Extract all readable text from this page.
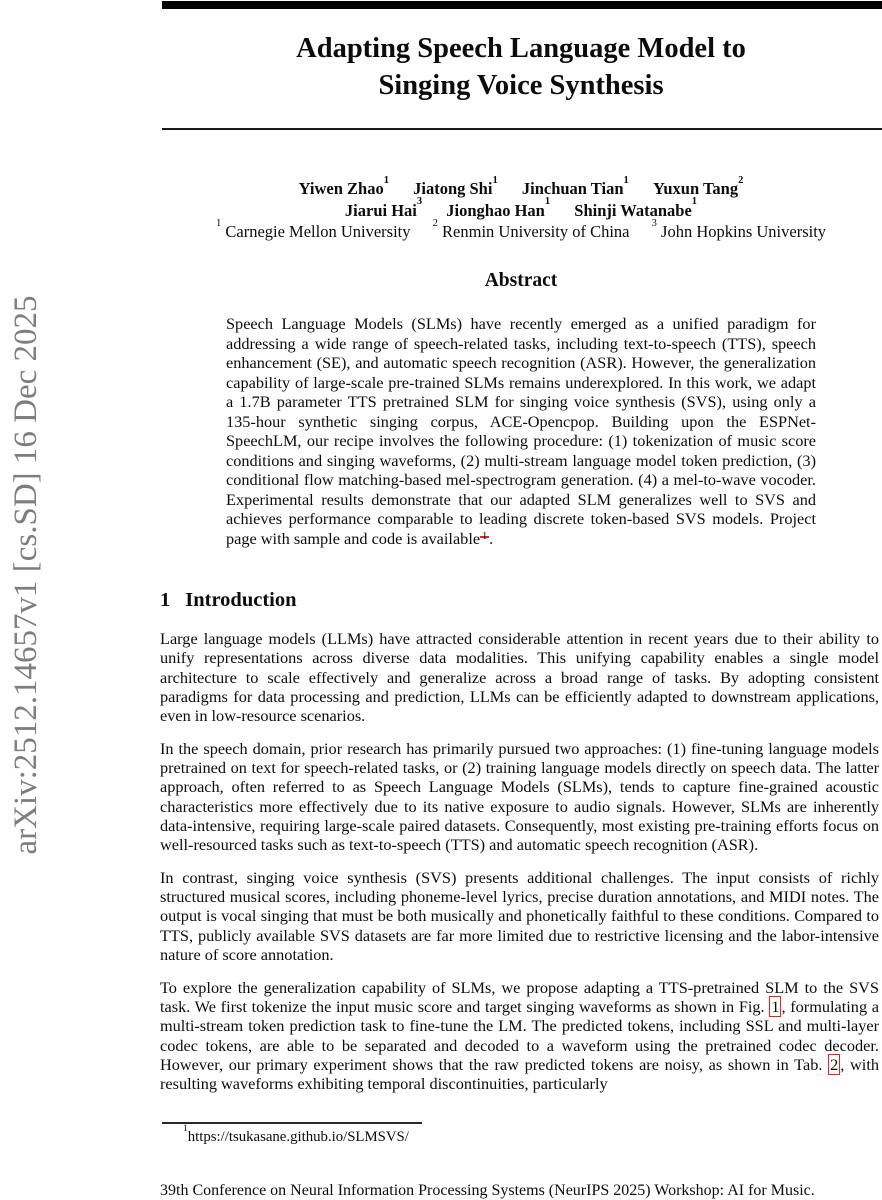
Adapting Speech Language Model to
Singing Voice Synthesis
Yiwen Zhao$^1$ Jiatong Shi$^1$ Jinchuan Tian$^1$ Yuxun Tang$^2$
Jiarui Hai$^3$ Jionghao Han$^1$ Shinji Watanabe$^1$
$^1$ Carnegie Mellon University $^2$ Renmin University of China $^3$ John Hopkins University
Abstract
Speech Language Models (SLMs) have recently emerged as a unified paradigm for addressing a wide range of speech-related tasks, including text-to-speech (TTS), speech enhancement (SE), and automatic speech recognition (ASR). However, the generalization capability of large-scale pre-trained SLMs remains underexplored. In this work, we adapt a 1.7B parameter TTS pretrained SLM for singing voice synthesis (SVS), using only a 135-hour synthetic singing corpus, ACE-Opencpop. Building upon the ESPNet-SpeechLM, our recipe involves the following procedure: (1) tokenization of music score conditions and singing waveforms, (2) multi-stream language model token prediction, (3) conditional flow matching-based mel-spectrogram generation. (4) a mel-to-wave vocoder. Experimental results demonstrate that our adapted SLM generalizes well to SVS and achieves performance comparable to leading discrete token-based SVS models. Project page with sample and code is available 1 .
1 Introduction

Large language models (LLMs) have attracted considerable attention in recent years due to their ability to unify representations across diverse data modalities. This unifying capability enables a single model architecture to scale effectively and generalize across a broad range of tasks. By adopting consistent paradigms for data processing and prediction, LLMs can be efficiently adapted to downstream applications, even in low-resource scenarios.

In the speech domain, prior research has primarily pursued two approaches: (1) fine-tuning language models pretrained on text for speech-related tasks, or (2) training language models directly on speech data. The latter approach, often referred to as Speech Language Models (SLMs), tends to capture fine-grained acoustic characteristics more effectively due to its native exposure to audio signals. However, SLMs are inherently data-intensive, requiring large-scale paired datasets. Consequently, most existing pre-training efforts focus on well-resourced tasks such as text-to-speech (TTS) and automatic speech recognition (ASR).

In contrast, singing voice synthesis (SVS) presents additional challenges. The input consists of richly structured musical scores, including phoneme-level lyrics, precise duration annotations, and MIDI notes. The output is vocal singing that must be both musically and phonetically faithful to these conditions. Compared to TTS, publicly available SVS datasets are far more limited due to restrictive licensing and the labor-intensive nature of score annotation.

To explore the generalization capability of SLMs, we propose adapting a TTS-pretrained SLM to the SVS task. We first tokenize the input music score and target singing waveforms as shown in Fig. 1 , formulating a multi-stream token prediction task to fine-tune the LM. The predicted tokens, including SSL and multi-layer codec tokens, are able to be separated and decoded to a waveform using the pretrained codec decoder. However, our primary experiment shows that the raw predicted tokens are noisy, as shown in Tab. 2 , with resulting waveforms exhibiting temporal discontinuities, particularly

$^1$https://tsukasane.github.io/SLMSVS/
39th Conference on Neural Information Processing Systems (NeurIPS 2025) Workshop: AI for Music.
arXiv:2512.14657v1 [cs.SD] 16 Dec 2025
